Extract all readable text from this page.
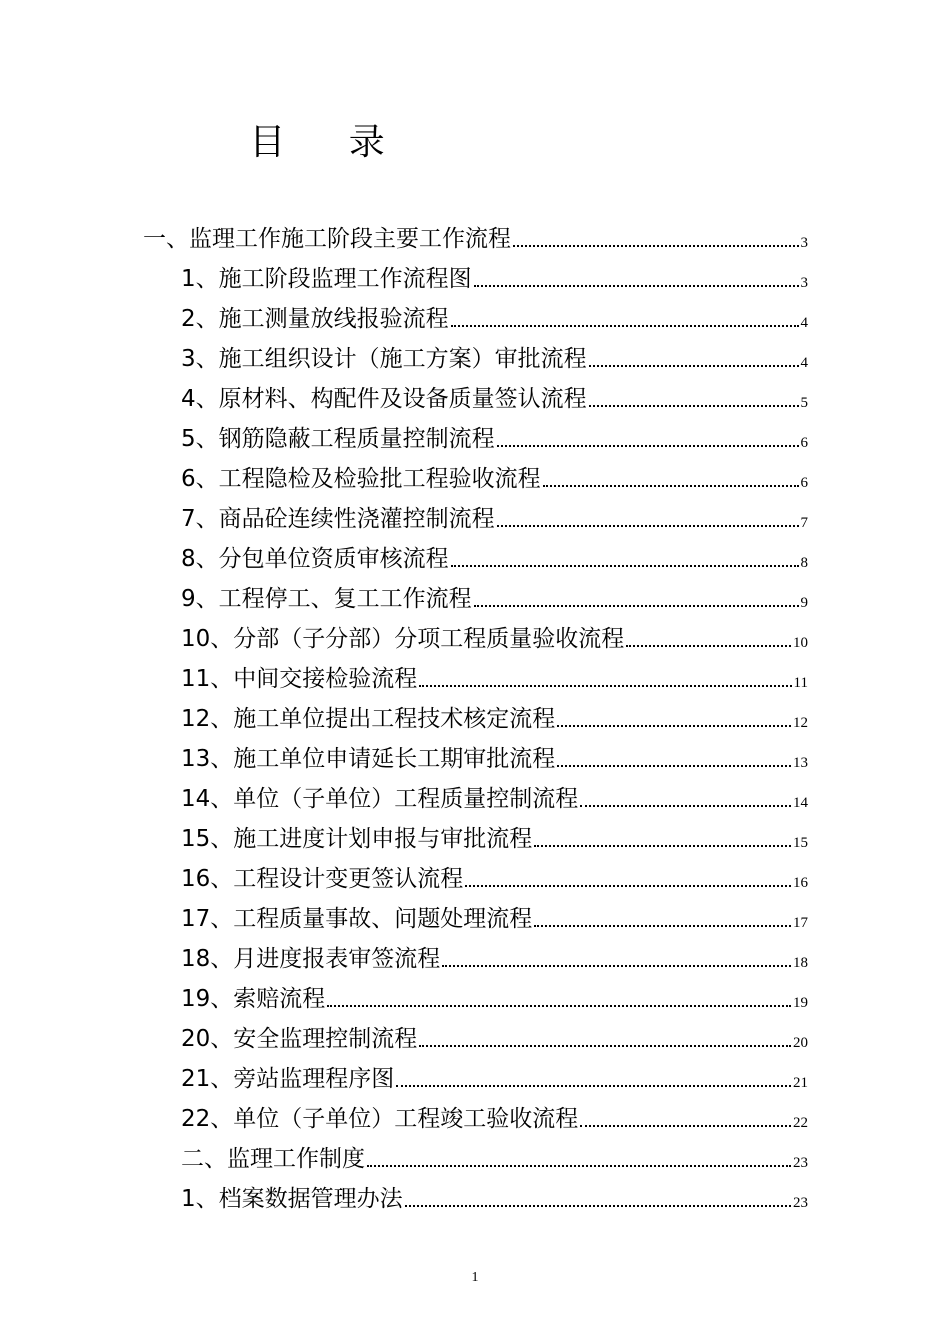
目 录
一、监理工作施工阶段主要工作流程	3
1、施工阶段监理工作流程图	3
2、施工测量放线报验流程	4
3、施工组织设计（施工方案）审批流程	4
4、原材料、构配件及设备质量签认流程	5
5、钢筋隐蔽工程质量控制流程	6
6、工程隐检及检验批工程验收流程	6
7、商品砼连续性浇灌控制流程	7
8、分包单位资质审核流程	8
9、工程停工、复工工作流程	9
10、分部（子分部）分项工程质量验收流程	10
11、中间交接检验流程	11
12、施工单位提出工程技术核定流程	12
13、施工单位申请延长工期审批流程	13
14、单位（子单位）工程质量控制流程	14
15、施工进度计划申报与审批流程	15
16、工程设计变更签认流程	16
17、工程质量事故、问题处理流程	17
18、月进度报表审签流程	18
19、索赔流程	19
20、安全监理控制流程	20
21、旁站监理程序图	21
22、单位（子单位）工程竣工验收流程	22
二、监理工作制度	23
1、档案数据管理办法	23
1
